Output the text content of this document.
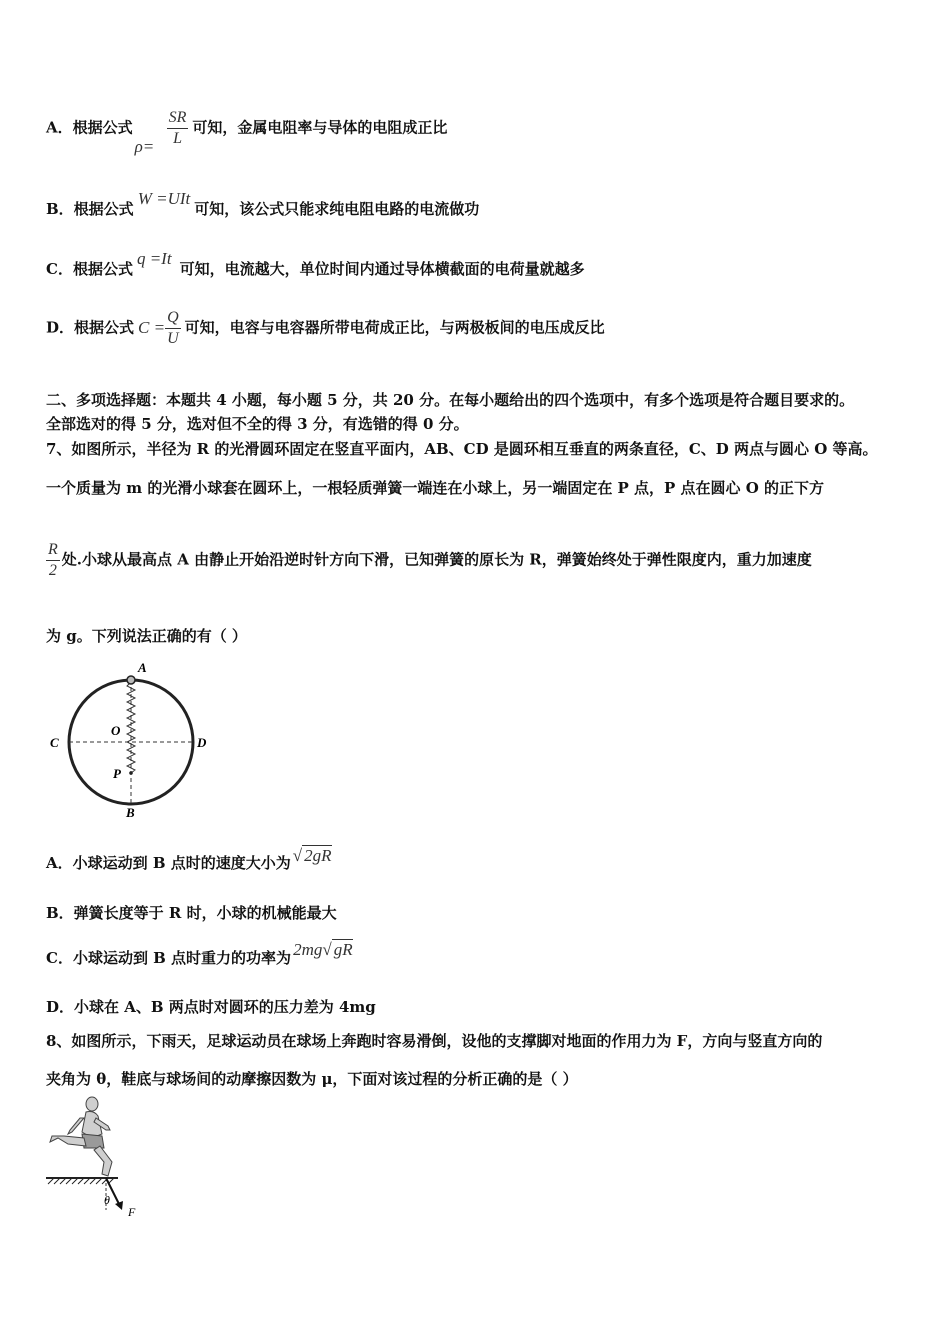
A．根据公式
$\rho= \frac{SR}{L}$ 可知，金属电阻率与导体的电阻成正比
B．根据公式W =UIt可知，该公式只能求纯电阻电路的电流做功
C．根据公式q =It可知，电流越大，单位时间内通过导体横截面的电荷量就越多
D．根据公式 $C = \frac{Q}{U}$ 可知，电容与电容器所带电荷成正比，与两极板间的电压成反比
二、多项选择题：本题共 4 小题，每小题 5 分，共 20 分。在每小题给出的四个选项中，有多个选项是符合题目要求的。
全部选对的得 5 分，选对但不全的得 3 分，有选错的得 0 分。
7、如图所示，半径为 R 的光滑圆环固定在竖直平面内，AB、CD 是圆环相互垂直的两条直径，C、D 两点与圆心 O 等高。
一个质量为 m 的光滑小球套在圆环上，一根轻质弹簧一端连在小球上，另一端固定在 P 点，P 点在圆心 O 的正下方
$\frac{R}{2}$ 处.小球从最高点 A 由静止开始沿逆时针方向下滑，已知弹簧的原长为 R，弹簧始终处于弹性限度内，重力加速度
为 g。下列说法正确的有（ ）
A
B
C	D
O
P
A．小球运动到 B 点时的速度大小为 √ 2gR
B．弹簧长度等于 R 时，小球的机械能最大
C．小球运动到 B 点时重力的功率为 2mg√ gR
D．小球在 A、B 两点时对圆环的压力差为 4mg
8、如图所示，下雨天，足球运动员在球场上奔跑时容易滑倒，设他的支撑脚对地面的作用力为 F，方向与竖直方向的
夹角为 θ，鞋底与球场间的动摩擦因数为 μ，下面对该过程的分析正确的是（ ）
θ
F
